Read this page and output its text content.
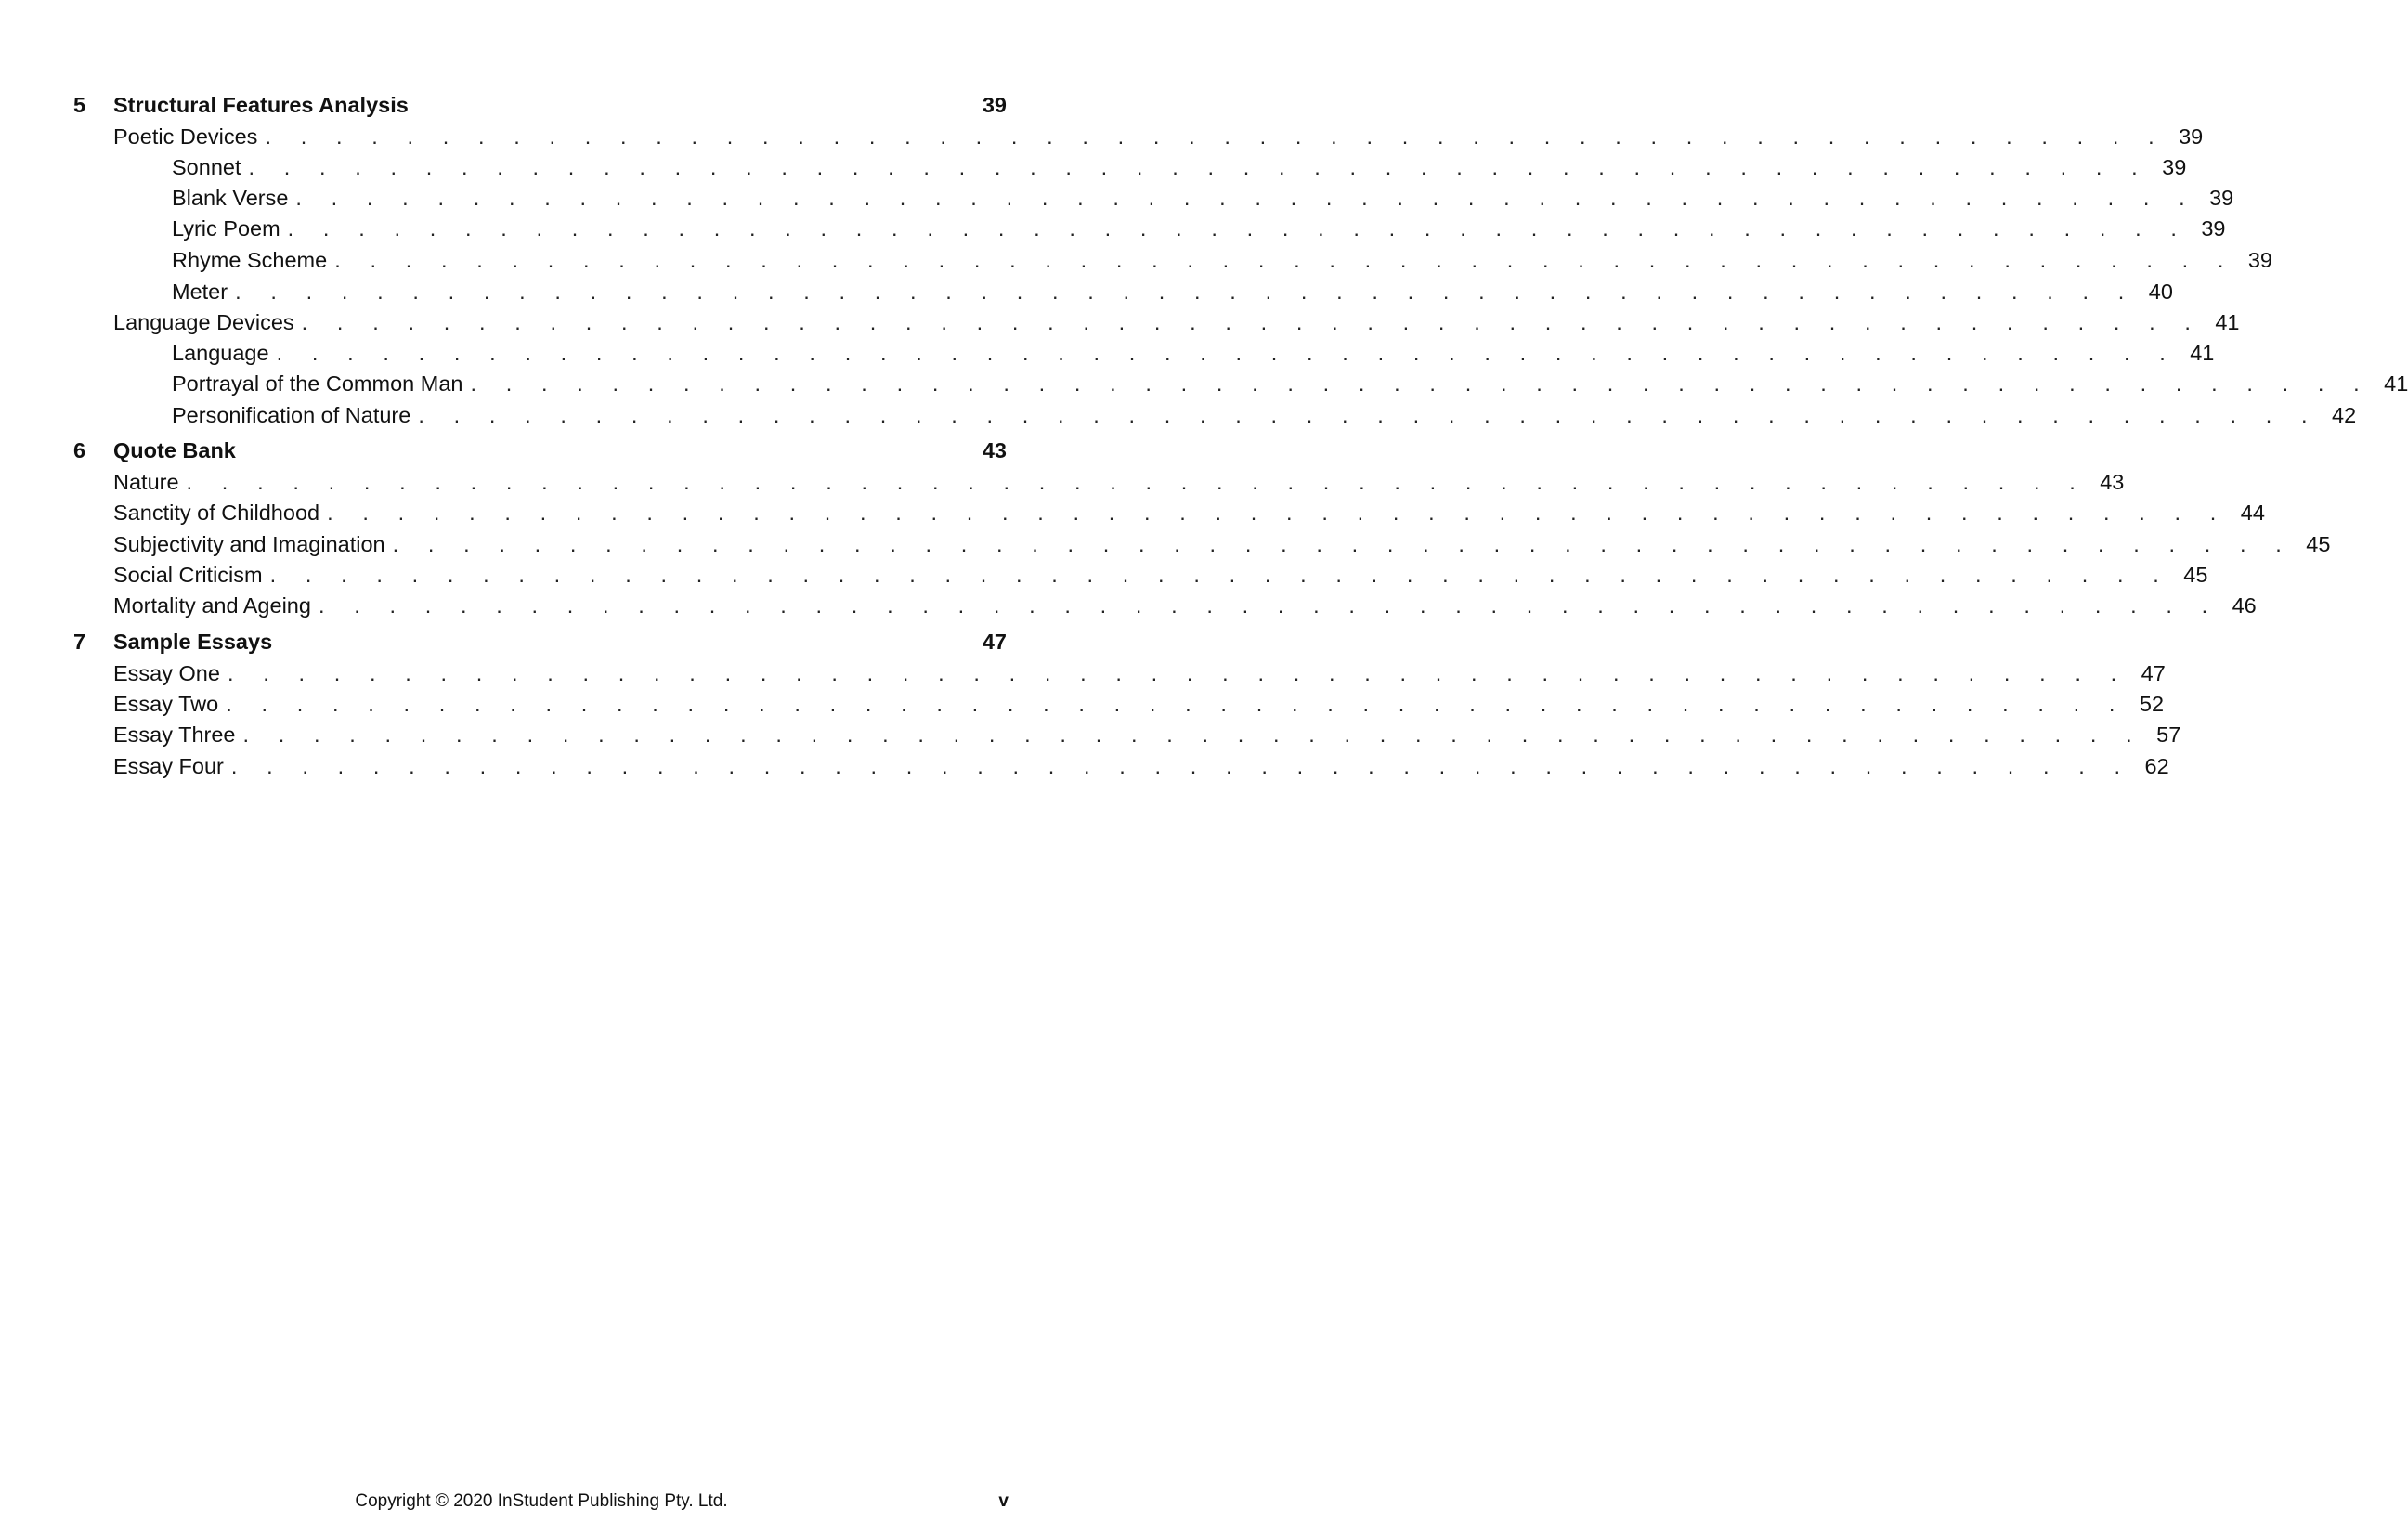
5	Structural Features Analysis	39
Poetic Devices . . . . . . . . . . . . . . . . . . . . . . . . . . . . . . . . . . . . . . . . . . . . . . . . . . . . . . 39
Sonnet . . . . . . . . . . . . . . . . . . . . . . . . . . . . . . . . . . . . . . . . . . . . . . . . . . . . . . 39
Blank Verse . . . . . . . . . . . . . . . . . . . . . . . . . . . . . . . . . . . . . . . . . . . . . . . . . . . . . . 39
Lyric Poem . . . . . . . . . . . . . . . . . . . . . . . . . . . . . . . . . . . . . . . . . . . . . . . . . . . . . . 39
Rhyme Scheme . . . . . . . . . . . . . . . . . . . . . . . . . . . . . . . . . . . . . . . . . . . . . . . . . . . . . . 39
Meter . . . . . . . . . . . . . . . . . . . . . . . . . . . . . . . . . . . . . . . . . . . . . . . . . . . . . . 40
Language Devices . . . . . . . . . . . . . . . . . . . . . . . . . . . . . . . . . . . . . . . . . . . . . . . . . . . . . . 41
Language . . . . . . . . . . . . . . . . . . . . . . . . . . . . . . . . . . . . . . . . . . . . . . . . . . . . . . 41
Portrayal of the Common Man . . . . . . . . . . . . . . . . . . . . . . . . . . . . . . . . . . . . . . . . . . . . . . . . . . . . . . 41
Personification of Nature . . . . . . . . . . . . . . . . . . . . . . . . . . . . . . . . . . . . . . . . . . . . . . . . . . . . . . 42
6	Quote Bank	43
Nature . . . . . . . . . . . . . . . . . . . . . . . . . . . . . . . . . . . . . . . . . . . . . . . . . . . . . . 43
Sanctity of Childhood . . . . . . . . . . . . . . . . . . . . . . . . . . . . . . . . . . . . . . . . . . . . . . . . . . . . . . 44
Subjectivity and Imagination . . . . . . . . . . . . . . . . . . . . . . . . . . . . . . . . . . . . . . . . . . . . . . . . . . . . . . 45
Social Criticism . . . . . . . . . . . . . . . . . . . . . . . . . . . . . . . . . . . . . . . . . . . . . . . . . . . . . . 45
Mortality and Ageing . . . . . . . . . . . . . . . . . . . . . . . . . . . . . . . . . . . . . . . . . . . . . . . . . . . . . . 46
7	Sample Essays	47
Essay One . . . . . . . . . . . . . . . . . . . . . . . . . . . . . . . . . . . . . . . . . . . . . . . . . . . . . . 47
Essay Two . . . . . . . . . . . . . . . . . . . . . . . . . . . . . . . . . . . . . . . . . . . . . . . . . . . . . . 52
Essay Three . . . . . . . . . . . . . . . . . . . . . . . . . . . . . . . . . . . . . . . . . . . . . . . . . . . . . . 57
Essay Four . . . . . . . . . . . . . . . . . . . . . . . . . . . . . . . . . . . . . . . . . . . . . . . . . . . . . . 62
Copyright © 2020 InStudent Publishing Pty. Ltd.	v
